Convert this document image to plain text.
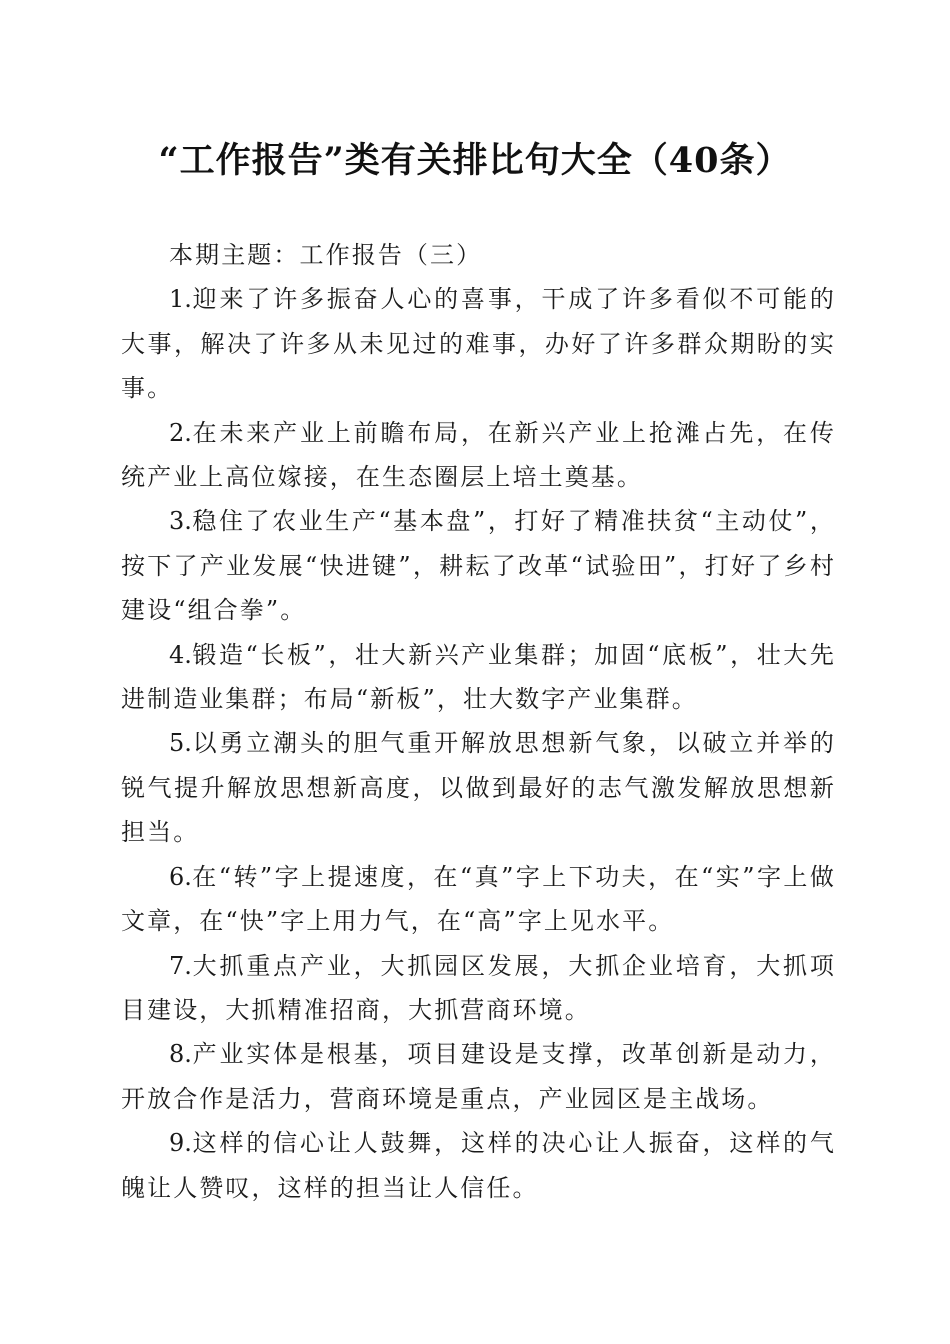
“工作报告”类有关排比句大全（40条）

本期主题：工作报告（三）

1.迎来了许多振奋人心的喜事，干成了许多看似不可能的大事，解决了许多从未见过的难事，办好了许多群众期盼的实事。

2.在未来产业上前瞻布局，在新兴产业上抢滩占先，在传统产业上高位嫁接，在生态圈层上培土奠基。

3.稳住了农业生产“基本盘”，打好了精准扶贫“主动仗”，按下了产业发展“快进键”，耕耘了改革“试验田”，打好了乡村建设“组合拳”。

4.锻造“长板”，壮大新兴产业集群；加固“底板”，壮大先进制造业集群；布局“新板”，壮大数字产业集群。

5.以勇立潮头的胆气重开解放思想新气象，以破立并举的锐气提升解放思想新高度，以做到最好的志气激发解放思想新担当。

6.在“转”字上提速度，在“真”字上下功夫，在“实”字上做文章，在“快”字上用力气，在“高”字上见水平。

7.大抓重点产业，大抓园区发展，大抓企业培育，大抓项目建设，大抓精准招商，大抓营商环境。

8.产业实体是根基，项目建设是支撑，改革创新是动力，开放合作是活力，营商环境是重点，产业园区是主战场。

9.这样的信心让人鼓舞，这样的决心让人振奋，这样的气魄让人赞叹，这样的担当让人信任。
